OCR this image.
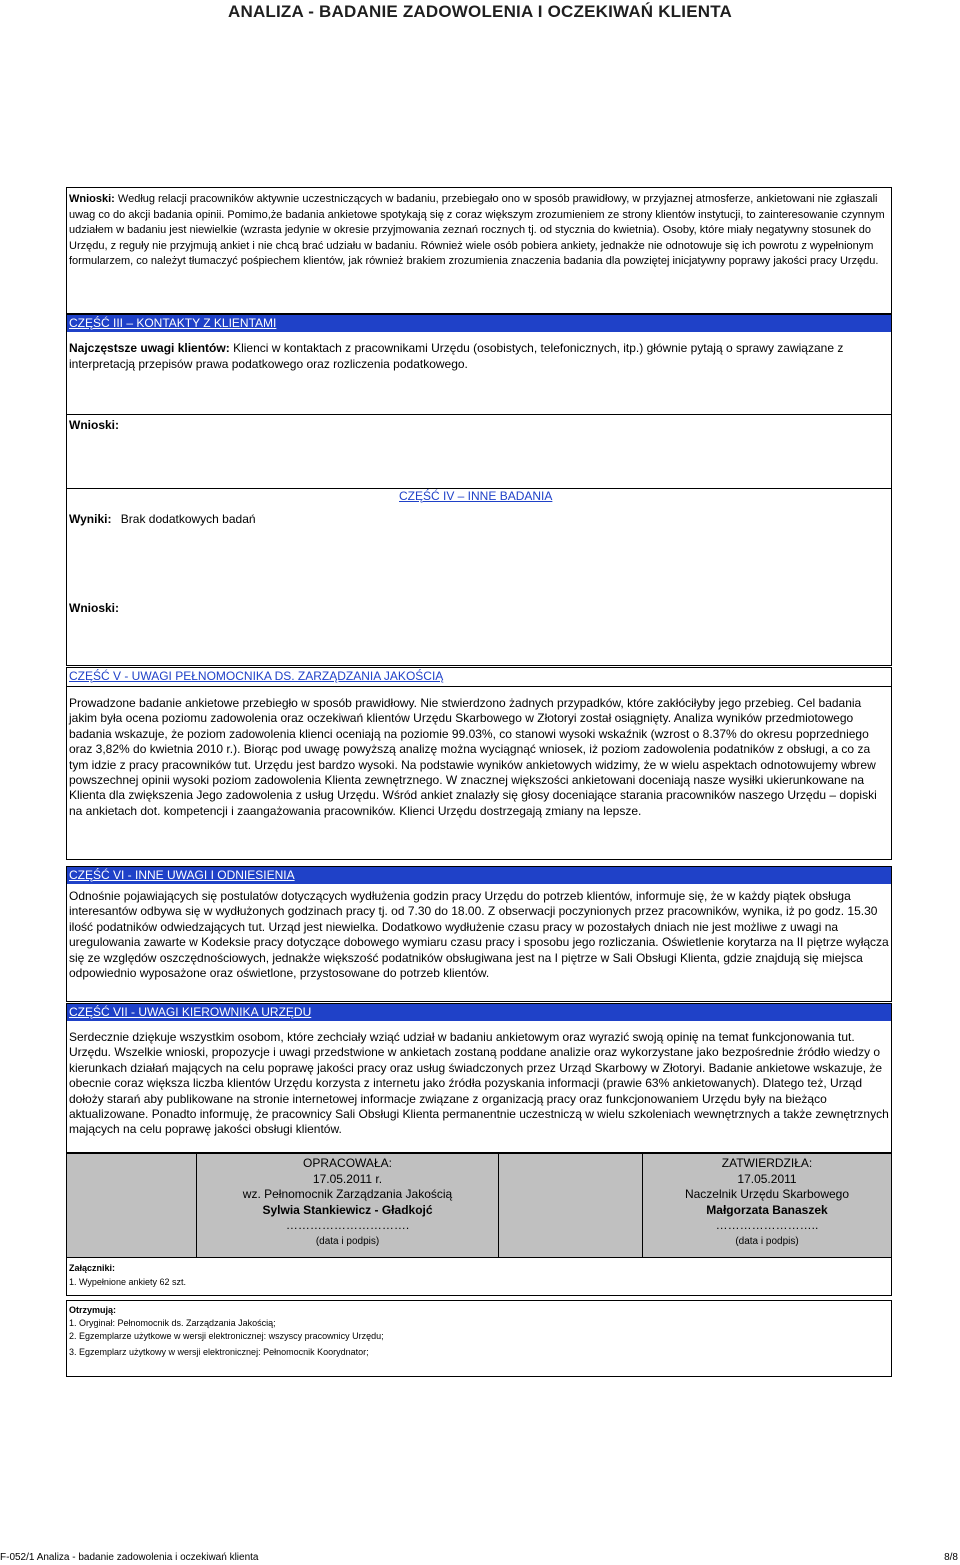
ANALIZA - BADANIE ZADOWOLENIA I OCZEKIWAŃ KLIENTA

Wnioski: Według relacji pracowników aktywnie uczestniczących w badaniu, przebiegało ono w sposób prawidłowy, w przyjaznej atmosferze, ankietowani nie zgłaszali uwag co do akcji badania opinii. Pomimo,że badania ankietowe spotykają się z coraz większym zrozumieniem ze strony klientów instytucji, to zainteresowanie czynnym udziałem w badaniu jest niewielkie (wzrasta jedynie w okresie przyjmowania zeznań rocznych tj. od stycznia do kwietnia). Osoby, które miały negatywny stosunek do Urzędu, z reguły nie przyjmują ankiet i nie chcą brać udziału w badaniu. Również wiele osób pobiera ankiety, jednakże nie odnotowuje się ich powrotu z wypełnionym formularzem, co należyt tłumaczyć pośpiechem klientów, jak również brakiem zrozumienia znaczenia badania dla powziętej inicjatywny poprawy jakości pracy Urzędu.

CZĘŚĆ III – KONTAKTY Z KLIENTAMI

Najczęstsze uwagi klientów: Klienci w kontaktach z pracownikami Urzędu (osobistych, telefonicznych, itp.) głównie pytają o sprawy zawiązane z interpretacją przepisów prawa podatkowego oraz rozliczenia podatkowego.

Wnioski:
CZĘŚĆ IV – INNE BADANIA
Wyniki: Brak dodatkowych badań
Wnioski:
CZĘŚĆ V - UWAGI PEŁNOMOCNIKA DS. ZARZĄDZANIA JAKOŚCIĄ

Prowadzone badanie ankietowe przebiegło w sposób prawidłowy. Nie stwierdzono żadnych przypadków, które zakłóciłyby jego przebieg. Cel badania jakim była ocena poziomu zadowolenia oraz oczekiwań klientów Urzędu Skarbowego w Złotoryi został osiągnięty. Analiza wyników przedmiotowego badania wskazuje, że poziom zadowolenia klienci oceniają na poziomie 99.03%, co stanowi wysoki wskaźnik (wzrost o 8.37% do okresu poprzedniego oraz 3,82% do kwietnia 2010 r.). Biorąc pod uwagę powyższą analizę można wyciągnąć wniosek, iż poziom zadowolenia podatników z obsługi, a co za tym idzie z pracy pracowników tut. Urzędu jest bardzo wysoki. Na podstawie wyników ankietowych widzimy, że w wielu aspektach odnotowujemy wbrew powszechnej opinii wysoki poziom zadowolenia Klienta zewnętrznego. W znacznej większości ankietowani doceniają nasze wysiłki ukierunkowane na Klienta dla zwiększenia Jego zadowolenia z usług Urzędu. Wśród ankiet znalazły się głosy doceniające starania pracowników naszego Urzędu – dopiski na ankietach dot. kompetencji i zaangażowania pracowników. Klienci Urzędu dostrzegają zmiany na lepsze.

CZĘŚĆ VI - INNE UWAGI I ODNIESIENIA

Odnośnie pojawiających się postulatów dotyczących wydłużenia godzin pracy Urzędu do potrzeb klientów, informuje się, że w każdy piątek obsługa interesantów odbywa się w wydłużonych godzinach pracy tj. od 7.30 do 18.00. Z obserwacji poczynionych przez pracowników, wynika, iż po godz. 15.30 ilość podatników odwiedzających tut. Urząd jest niewielka. Dodatkowo wydłużenie czasu pracy w pozostałych dniach nie jest możliwe z uwagi na uregulowania zawarte w Kodeksie pracy dotyczące dobowego wymiaru czasu pracy i sposobu jego rozliczania. Oświetlenie korytarza na II piętrze wyłącza się ze względów oszczędnościowych, jednakże większość podatników obsługiwana jest na I piętrze w Sali Obsługi Klienta, gdzie znajdują się miejsca odpowiednio wyposażone oraz oświetlone, przystosowane do potrzeb klientów.

CZĘŚĆ VII - UWAGI KIEROWNIKA URZĘDU

Serdecznie dziękuje wszystkim osobom, które zechciały wziąć udział w badaniu ankietowym oraz wyrazić swoją opinię na temat funkcjonowania tut. Urzędu. Wszelkie wnioski, propozycje i uwagi przedstwione w ankietach zostaną poddane analizie oraz wykorzystane jako bezpośrednie źródło wiedzy o kierunkach działań mających na celu poprawę jakości pracy oraz usług świadczonych przez Urząd Skarbowy w Złotoryi. Badanie ankietowe wskazuje, że obecnie coraz większa liczba klientów Urzędu korzysta z internetu jako źródła pozyskania informacji (prawie 63% ankietowanych). Dlatego też, Urząd dołoży starań aby publikowane na stronie internetowej informacje związane z organizacją pracy oraz funkcjonowaniem Urzędu były na bieżąco aktualizowane. Ponadto informuję, że pracownicy Sali Obsługi Klienta permanentnie uczestniczą w wielu szkoleniach wewnętrznych a także zewnętrznych mających na celu poprawę jakości obsługi klientów.

OPRACOWAŁA:
17.05.2011 r.
wz. Pełnomocnik Zarządzania Jakością
Sylwia Stankiewicz - Gładkojć
………………………….
(data i podpis)
ZATWIERDZIŁA:
17.05.2011
Naczelnik Urzędu Skarbowego
Małgorzata Banaszek
……………………..
(data i podpis)
Załączniki:
1. Wypełnione ankiety 62 szt.
Otrzymują:
1. Oryginał: Pełnomocnik ds. Zarządzania Jakością;
2. Egzemplarze użytkowe w wersji elektronicznej: wszyscy pracownicy Urzędu;
3. Egzemplarz użytkowy w wersji elektronicznej: Pełnomocnik Koorydnator;
F-052/1 Analiza - badanie zadowolenia i oczekiwań klienta	8/8
